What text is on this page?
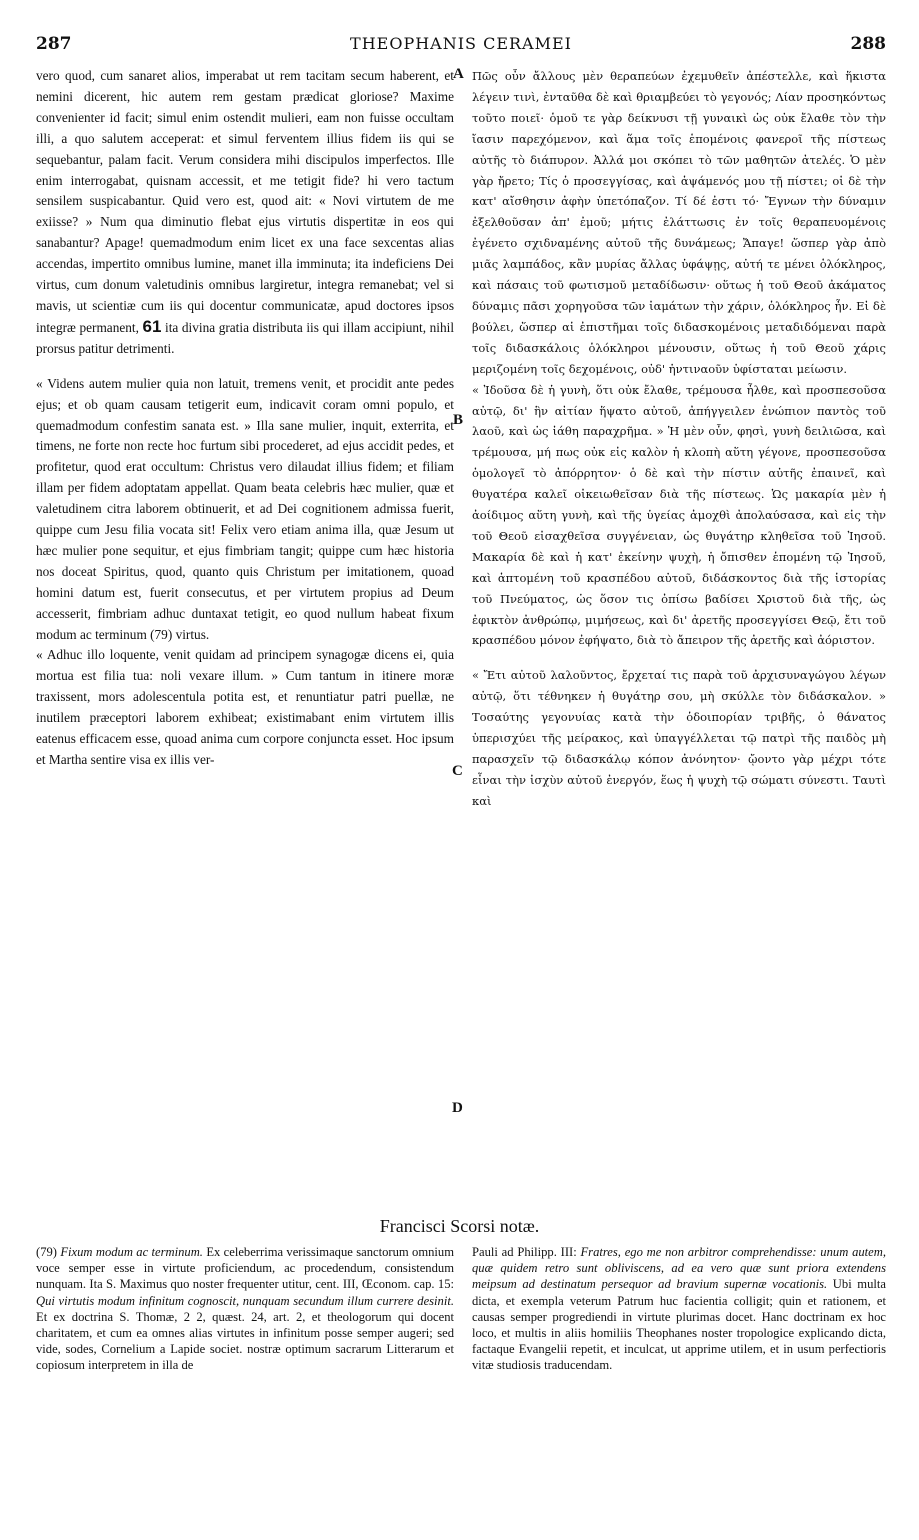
287	THEOPHANIS CERAMEI	288

vero quod, cum sanaret alios, imperabat ut rem tacitam secum haberent, et nemini dicerent, hic autem rem gestam prædicat gloriose? Maxime convenienter id facit; simul enim ostendit mulieri, eam non fuisse occultam illi, a quo salutem acceperat: et simul ferventem illius fidem iis qui se sequebantur, palam facit. Verum considera mihi discipulos imperfectos. Ille enim interrogabat, quisnam accessit, et me tetigit fide? hi vero tactum sensilem suspicabantur. Quid vero est, quod ait: « Novi virtutem de me exiisse? » Num qua diminutio flebat ejus virtutis dispertitæ in eos qui sanabantur? Apage! quemadmodum enim licet ex una face sexcentas alias accendas, impertito omnibus lumine, manet illa imminuta; ita indeficiens Dei virtus, cum donum valetudinis omnibus largiretur, integra remanebat; vel si mavis, ut scientiæ cum iis qui docentur communicatæ, apud doctores ipsos integræ permanent, 61 ita divina gratia distributa iis qui illam accipiunt, nihil prorsus patitur detrimenti.

« Videns autem mulier quia non latuit, tremens venit, et procidit ante pedes ejus; et ob quam causam tetigerit eum, indicavit coram omni populo, et quemadmodum confestim sanata est. » Illa sane mulier, inquit, exterrita, et timens, ne forte non recte hoc furtum sibi procederet, ad ejus accidit pedes, et profitetur, quod erat occultum: Christus vero dilaudat illius fidem; et filiam illam per fidem adoptatam appellat. Quam beata celebris hæc mulier, quæ et valetudinem citra laborem obtinuerit, et ad Dei cognitionem admissa fuerit, quippe cum Jesu filia vocata sit! Felix vero etiam anima illa, quæ Jesum ut hæc mulier pone sequitur, et ejus fimbriam tangit; quippe cum hæc historia nos doceat Spiritus, quod, quanto quis Christum per imitationem, quoad homini datum est, fuerit consecutus, et per virtutem propius ad Deum accesserit, fimbriam adhuc duntaxat tetigit, eo quod nullum habeat fixum modum ac terminum (79) virtus.

« Adhuc illo loquente, venit quidam ad principem synagogæ dicens ei, quia mortua est filia tua: noli vexare illum. » Cum tantum in itinere moræ traxissent, mors adolescentula potita est, et renuntiatur patri puellæ, ne inutilem præceptori laborem exhibeat; existimabant enim virtutem illis eatenus efficacem esse, quoad anima cum corpore conjuncta esset. Hoc ipsum et Martha sentire visa ex illis ver-

A
B
C
D

Πῶς οὖν ἄλλους μὲν θεραπεύων ἐχεμυθεῖν ἀπέστελλε, καὶ ἥκιστα λέγειν τινὶ, ἐνταῦθα δὲ καὶ θριαμβεύει τὸ γεγονός; Λίαν προσηκόντως τοῦτο ποιεῖ· ὁμοῦ τε γὰρ δείκνυσι τῇ γυναικὶ ὡς οὐκ ἔλαθε τὸν τὴν ἴασιν παρεχόμενον, καὶ ἅμα τοῖς ἑπομένοις φανεροῖ τῆς πίστεως αὐτῆς τὸ διάπυρον. Ἀλλά μοι σκόπει τὸ τῶν μαθητῶν ἀτελές. Ὁ μὲν γὰρ ἤρετο; Τίς ὁ προσεγγίσας, καὶ ἁψάμενός μου τῇ πίστει; οἱ δὲ τὴν κατ' αἴσθησιν ἀφὴν ὑπετόπαζον. Τί δέ ἐστι τό· Ἔγνων τὴν δύναμιν ἐξελθοῦσαν ἀπ' ἐμοῦ; μήτις ἐλάττωσις ἐν τοῖς θεραπευομένοις ἐγένετο σχιδναμένης αὐτοῦ τῆς δυνάμεως; Ἄπαγε! ὥσπερ γὰρ ἀπὸ μιᾶς λαμπάδος, κἂν μυρίας ἄλλας ὑφάψῃς, αὐτή τε μένει ὁλόκληρος, καὶ πάσαις τοῦ φωτισμοῦ μεταδίδωσιν· οὕτως ἡ τοῦ Θεοῦ ἀκάματος δύναμις πᾶσι χορηγοῦσα τῶν ἰαμάτων τὴν χάριν, ὁλόκληρος ἦν. Εἰ δὲ βούλει, ὥσπερ αἱ ἐπιστῆμαι τοῖς διδασκομένοις μεταδιδόμεναι παρὰ τοῖς διδασκάλοις ὁλόκληροι μένουσιν, οὕτως ἡ τοῦ Θεοῦ χάρις μεριζομένη τοῖς δεχομένοις, οὐδ' ἡντιναοῦν ὑφίσταται μείωσιν.

« Ἰδοῦσα δὲ ἡ γυνὴ, ὅτι οὐκ ἔλαθε, τρέμουσα ἦλθε, καὶ προσπεσοῦσα αὐτῷ, δι' ἣν αἰτίαν ἥψατο αὐτοῦ, ἀπήγγειλεν ἐνώπιον παντὸς τοῦ λαοῦ, καὶ ὡς ἰάθη παραχρῆμα. » Ἡ μὲν οὖν, φησὶ, γυνὴ δειλιῶσα, καὶ τρέμουσα, μή πως οὐκ εἰς καλὸν ἡ κλοπὴ αὕτη γέγονε, προσπεσοῦσα ὁμολογεῖ τὸ ἀπόρρητον· ὁ δὲ καὶ τὴν πίστιν αὐτῆς ἐπαινεῖ, καὶ θυγατέρα καλεῖ οἰκειωθεῖσαν διὰ τῆς πίστεως. Ὡς μακαρία μὲν ἡ ἀοίδιμος αὕτη γυνὴ, καὶ τῆς ὑγείας ἀμοχθὶ ἀπολαύσασα, καὶ εἰς τὴν τοῦ Θεοῦ εἰσαχθεῖσα συγγένειαν, ὡς θυγάτηρ κληθεῖσα τοῦ Ἰησοῦ. Μακαρία δὲ καὶ ἡ κατ' ἐκείνην ψυχὴ, ἡ ὄπισθεν ἑπομένη τῷ Ἰησοῦ, καὶ ἁπτομένη τοῦ κρασπέδου αὐτοῦ, διδάσκοντος διὰ τῆς ἱστορίας τοῦ Πνεύματος, ὡς ὅσον τις ὀπίσω βαδίσει Χριστοῦ διὰ τῆς, ὡς ἐφικτὸν ἀνθρώπῳ, μιμήσεως, καὶ δι' ἀρετῆς προσεγγίσει Θεῷ, ἔτι τοῦ κρασπέδου μόνον ἐφήψατο, διὰ τὸ ἄπειρον τῆς ἀρετῆς καὶ ἀόριστον.

« Ἔτι αὐτοῦ λαλοῦντος, ἔρχεταί τις παρὰ τοῦ ἀρχισυναγώγου λέγων αὐτῷ, ὅτι τέθνηκεν ἡ θυγάτηρ σου, μὴ σκύλλε τὸν διδάσκαλον. » Τοσαύτης γεγονυίας κατὰ τὴν ὁδοιπορίαν τριβῆς, ὁ θάνατος ὑπερισχύει τῆς μείρακος, καὶ ὑπαγγέλλεται τῷ πατρὶ τῆς παιδὸς μὴ παρασχεῖν τῷ διδασκάλῳ κόπον ἀνόνητον· ᾤοντο γὰρ μέχρι τότε εἶναι τὴν ἰσχὺν αὐτοῦ ἐνεργόν, ἕως ἡ ψυχὴ τῷ σώματι σύνεστι. Ταυτὶ καὶ

Francisci Scorsi notæ.
(79) Fixum modum ac terminum. Ex celeberrima verissimaque sanctorum omnium voce semper esse in virtute proficiendum, ac procedendum, consistendum nunquam. Ita S. Maximus quo noster frequenter utitur, cent. III, Œconom. cap. 15: Qui virtutis modum infinitum cognoscit, nunquam secundum illum currere desinit. Et ex doctrina S. Thomæ, 2 2, quæst. 24, art. 2, et theologorum qui docent charitatem, et cum ea omnes alias virtutes in infinitum posse semper augeri; sed vide, sodes, Cornelium a Lapide societ. nostræ optimum sacrarum Litterarum et copiosum interpretem in illa de
Pauli ad Philipp. III: Fratres, ego me non arbitror comprehendisse: unum autem, quæ quidem retro sunt obliviscens, ad ea vero quæ sunt priora extendens meipsum ad destinatum persequor ad bravium supernæ vocationis. Ubi multa dicta, et exempla veterum Patrum huc facientia colligit; quin et rationem, et causas semper progrediendi in virtute plurimas docet. Hanc doctrinam ex hoc loco, et multis in aliis homiliis Theophanes noster tropologice explicando dicta, factaque Evangelii repetit, et inculcat, ut apprime utilem, et in usum perfectioris vitæ studiosis traducendam.
